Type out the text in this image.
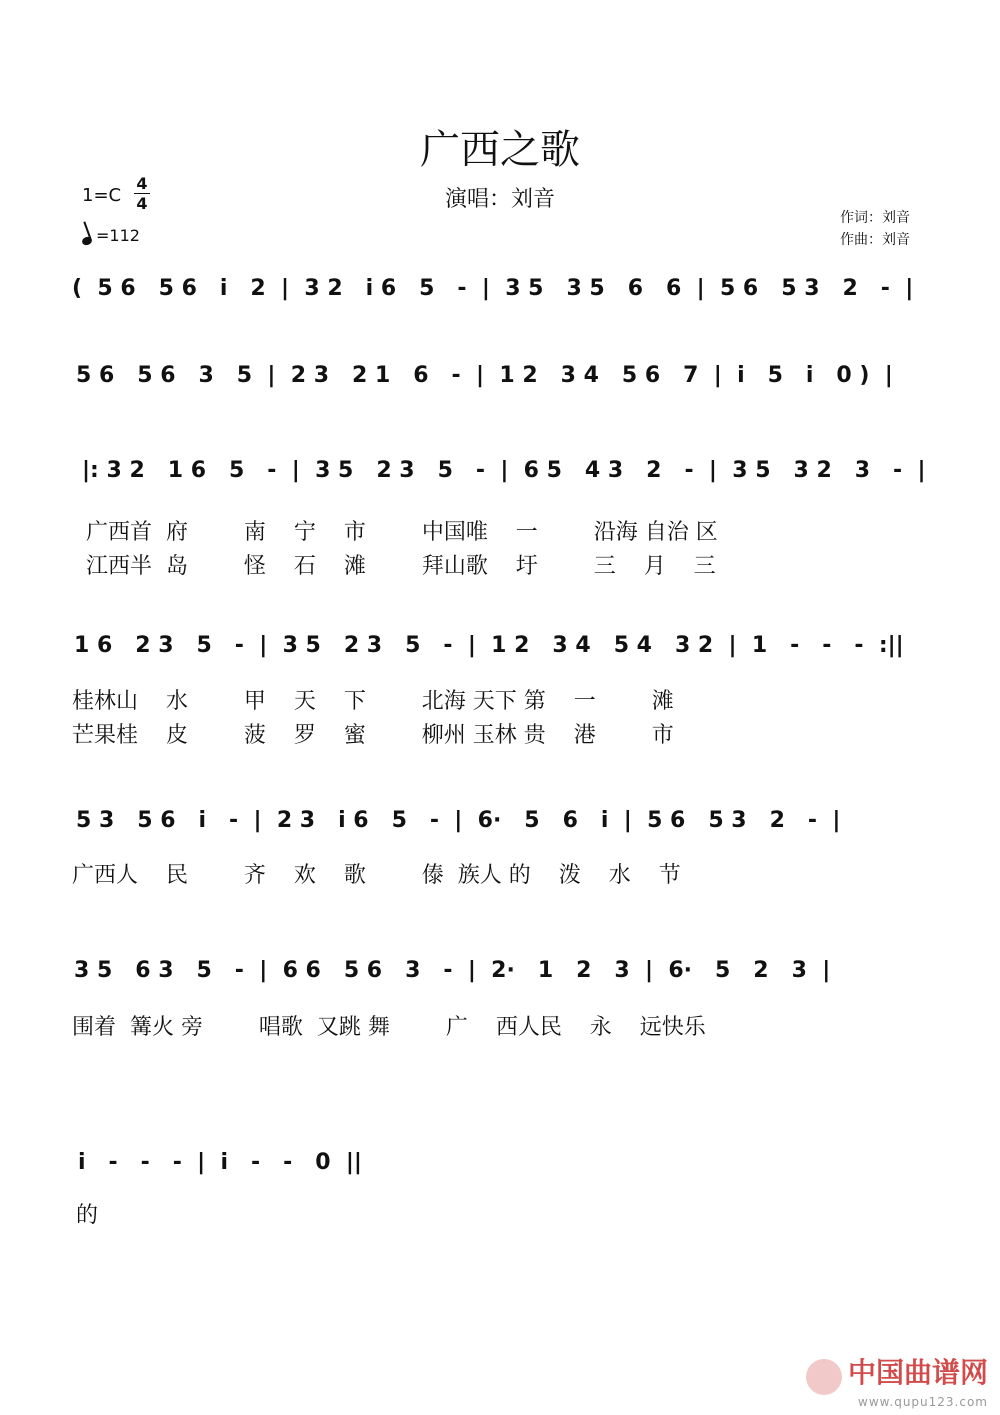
广西之歌
演唱：刘音
1=C
4
4
=112
作词：刘音
作曲：刘音
(  5 6   5 6   i   2  |  3 2   i 6   5   -  |  3 5   3 5   6   6  |  5 6   5 3   2   -  |
5 6   5 6   3   5  |  2 3   2 1   6   -  |  1 2   3 4   5 6   7  |  i   5   i   0 )  |
|: 3 2   1 6   5   -  |  3 5   2 3   5   -  |  6 5   4 3   2   -  |  3 5   3 2   3   -  |
广西首  府        南    宁    市        中国唯    一        沿海 自治 区
江西半  岛        怪    石    滩        拜山歌    圩        三    月    三
1 6   2 3   5   -  |  3 5   2 3   5   -  |  1 2   3 4   5 4   3 2  |  1   -   -   -  :||
桂林山    水        甲    天    下        北海 天下 第    一        滩
芒果桂    皮        菠    罗    蜜        柳州 玉林 贵    港        市
5 3   5 6   i   -  |  2 3   i 6   5   -  |  6·   5   6   i  |  5 6   5 3   2   -  |
广西人    民        齐    欢    歌        傣  族人 的    泼    水    节
3 5   6 3   5   -  |  6 6   5 6   3   -  |  2·   1   2   3  |  6·   5   2   3  |
围着  篝火 旁        唱歌  又跳 舞        广    西人民    永    远快乐
i   -   -   -  |  i   -   -   0  ||
的
中国曲谱网
www.qupu123.com
